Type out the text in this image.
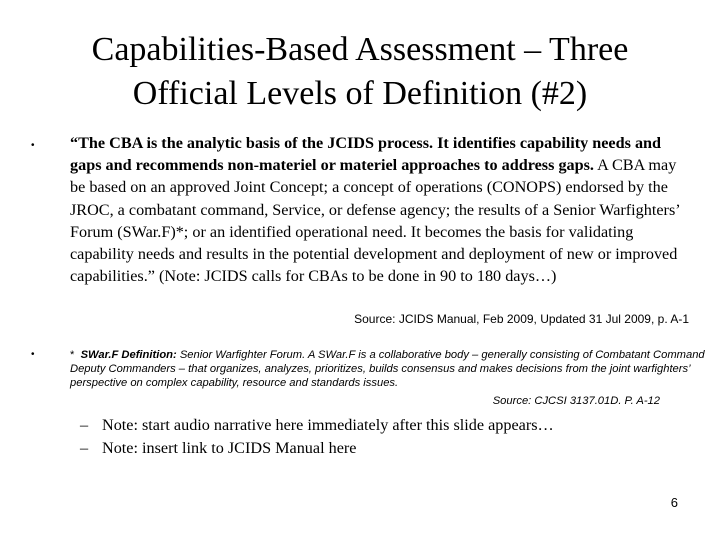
Capabilities-Based Assessment – Three
Official Levels of Definition (#2)
• “The CBA is the analytic basis of the JCIDS process. It identifies capability needs and gaps and recommends non-materiel or materiel approaches to address gaps. A CBA may be based on an approved Joint Concept; a concept of operations (CONOPS) endorsed by the JROC, a combatant command, Service, or defense agency; the results of a Senior Warfighters’ Forum (SWar.F)*; or an identified operational need. It becomes the basis for validating capability needs and results in the potential development and deployment of new or improved capabilities.” (Note: JCIDS calls for CBAs to be done in 90 to 180 days…)
Source: JCIDS Manual, Feb 2009, Updated 31 Jul 2009, p. A-1
•	* SWar.F Definition: Senior Warfighter Forum. A SWar.F is a collaborative body – generally consisting of Combatant Command Deputy Commanders – that organizes, analyzes, prioritizes, builds consensus and makes decisions from the joint warfighters’ perspective on complex capability, resource and standards issues.
Source: CJCSI 3137.01D. P. A-12
– Note: start audio narrative here immediately after this slide appears…
– Note: insert link to JCIDS Manual here
6
